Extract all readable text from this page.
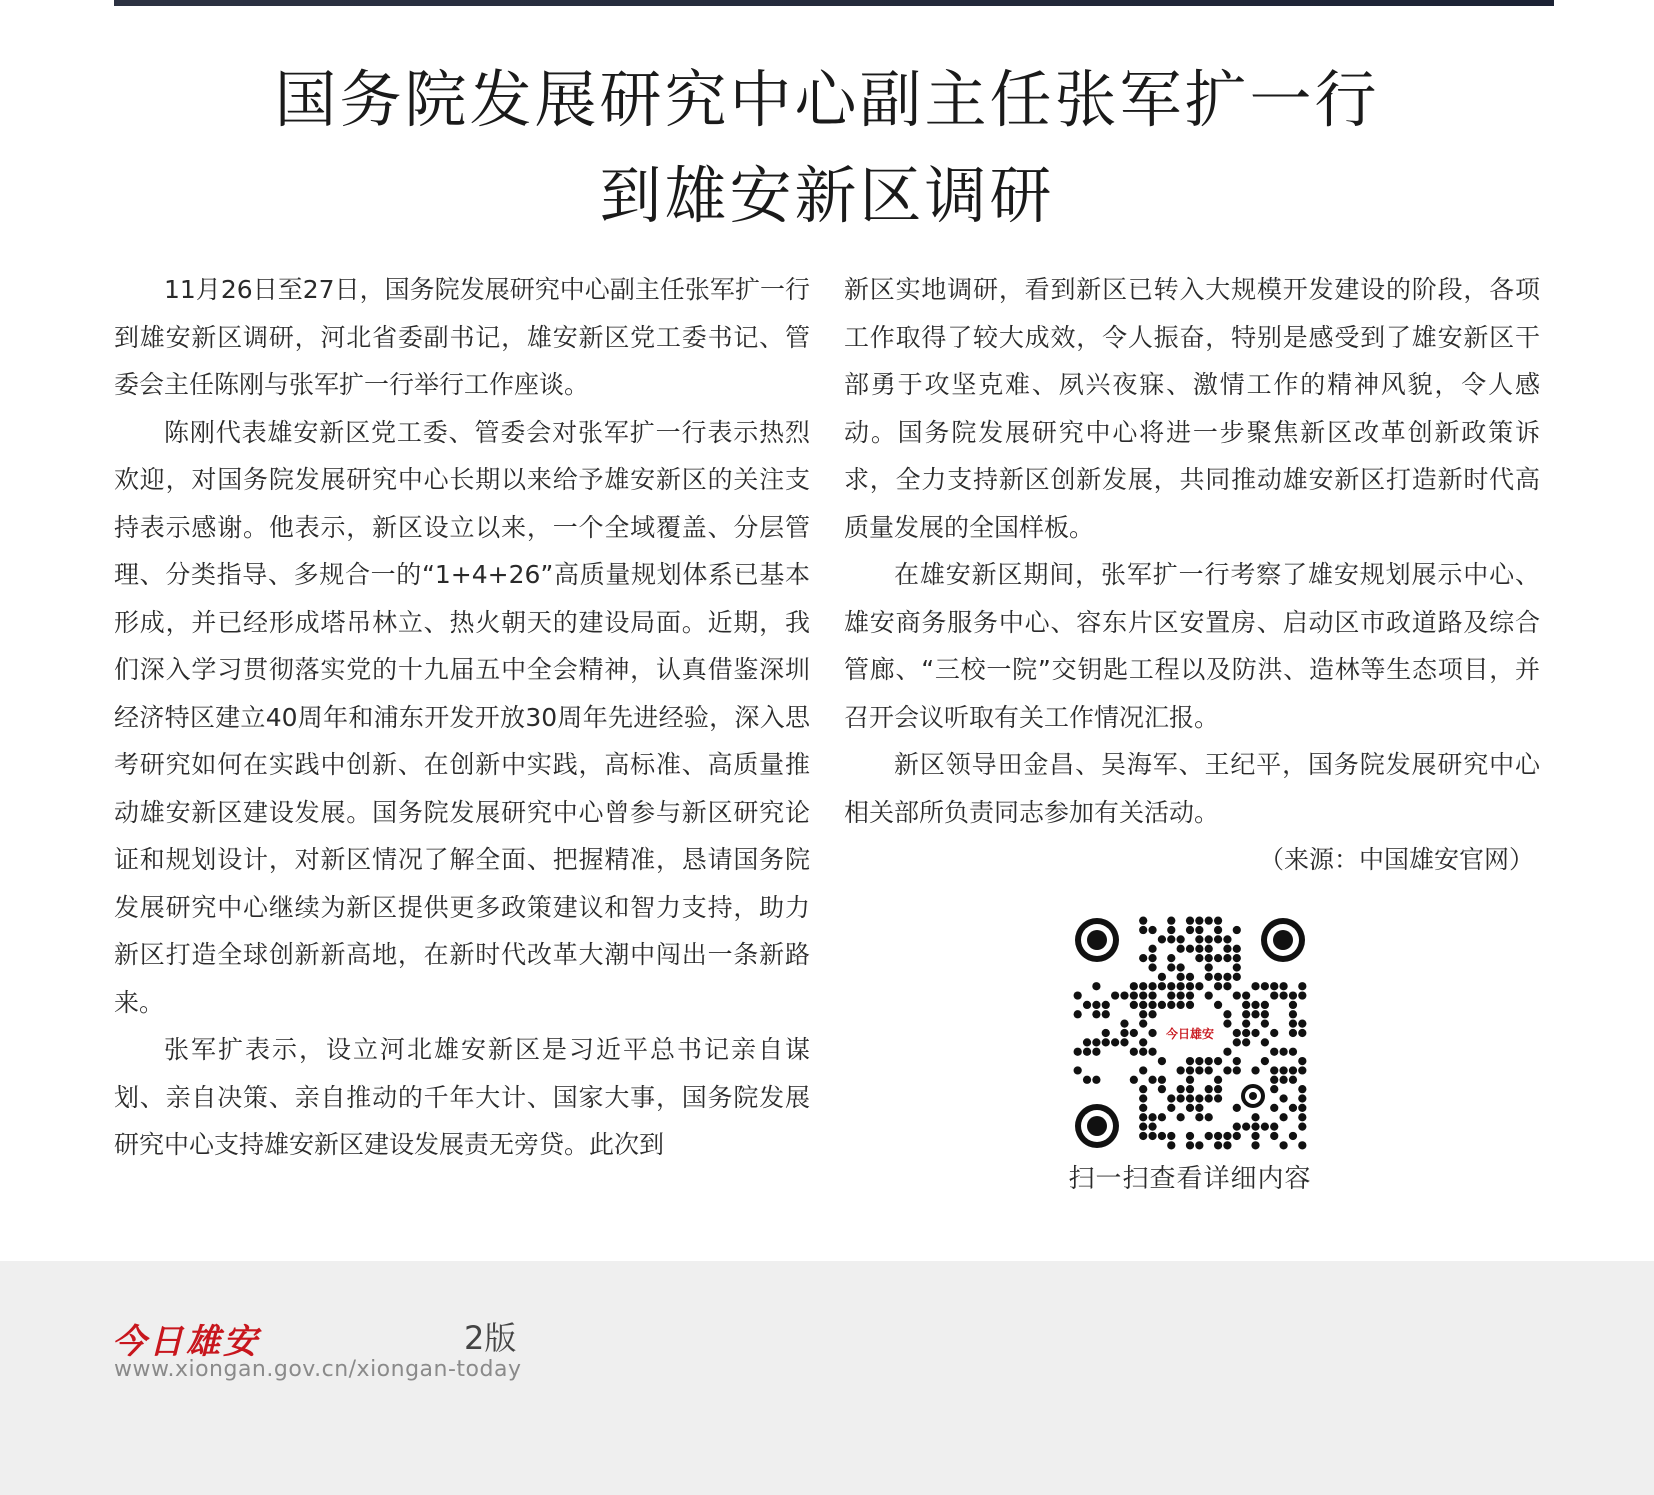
国务院发展研究中心副主任张军扩一行
到雄安新区调研

11月26日至27日，国务院发展研究中心副主任张军扩一行到雄安新区调研，河北省委副书记，雄安新区党工委书记、管委会主任陈刚与张军扩一行举行工作座谈。

陈刚代表雄安新区党工委、管委会对张军扩一行表示热烈欢迎，对国务院发展研究中心长期以来给予雄安新区的关注支持表示感谢。他表示，新区设立以来，一个全域覆盖、分层管理、分类指导、多规合一的“1+4+26”高质量规划体系已基本形成，并已经形成塔吊林立、热火朝天的建设局面。近期，我们深入学习贯彻落实党的十九届五中全会精神，认真借鉴深圳经济特区建立40周年和浦东开发开放30周年先进经验，深入思考研究如何在实践中创新、在创新中实践，高标准、高质量推动雄安新区建设发展。国务院发展研究中心曾参与新区研究论证和规划设计，对新区情况了解全面、把握精准，恳请国务院发展研究中心继续为新区提供更多政策建议和智力支持，助力新区打造全球创新新高地，在新时代改革大潮中闯出一条新路来。

张军扩表示，设立河北雄安新区是习近平总书记亲自谋划、亲自决策、亲自推动的千年大计、国家大事，国务院发展研究中心支持雄安新区建设发展责无旁贷。此次到

新区实地调研，看到新区已转入大规模开发建设的阶段，各项工作取得了较大成效，令人振奋，特别是感受到了雄安新区干部勇于攻坚克难、夙兴夜寐、激情工作的精神风貌，令人感动。国务院发展研究中心将进一步聚焦新区改革创新政策诉求，全力支持新区创新发展，共同推动雄安新区打造新时代高质量发展的全国样板。

在雄安新区期间，张军扩一行考察了雄安规划展示中心、雄安商务服务中心、容东片区安置房、启动区市政道路及综合管廊、“三校一院”交钥匙工程以及防洪、造林等生态项目，并召开会议听取有关工作情况汇报。

新区领导田金昌、吴海军、王纪平，国务院发展研究中心相关部所负责同志参加有关活动。

（来源：中国雄安官网）

今日雄安
扫一扫查看详细内容
今日雄安	2版
www.xiongan.gov.cn/xiongan-today
